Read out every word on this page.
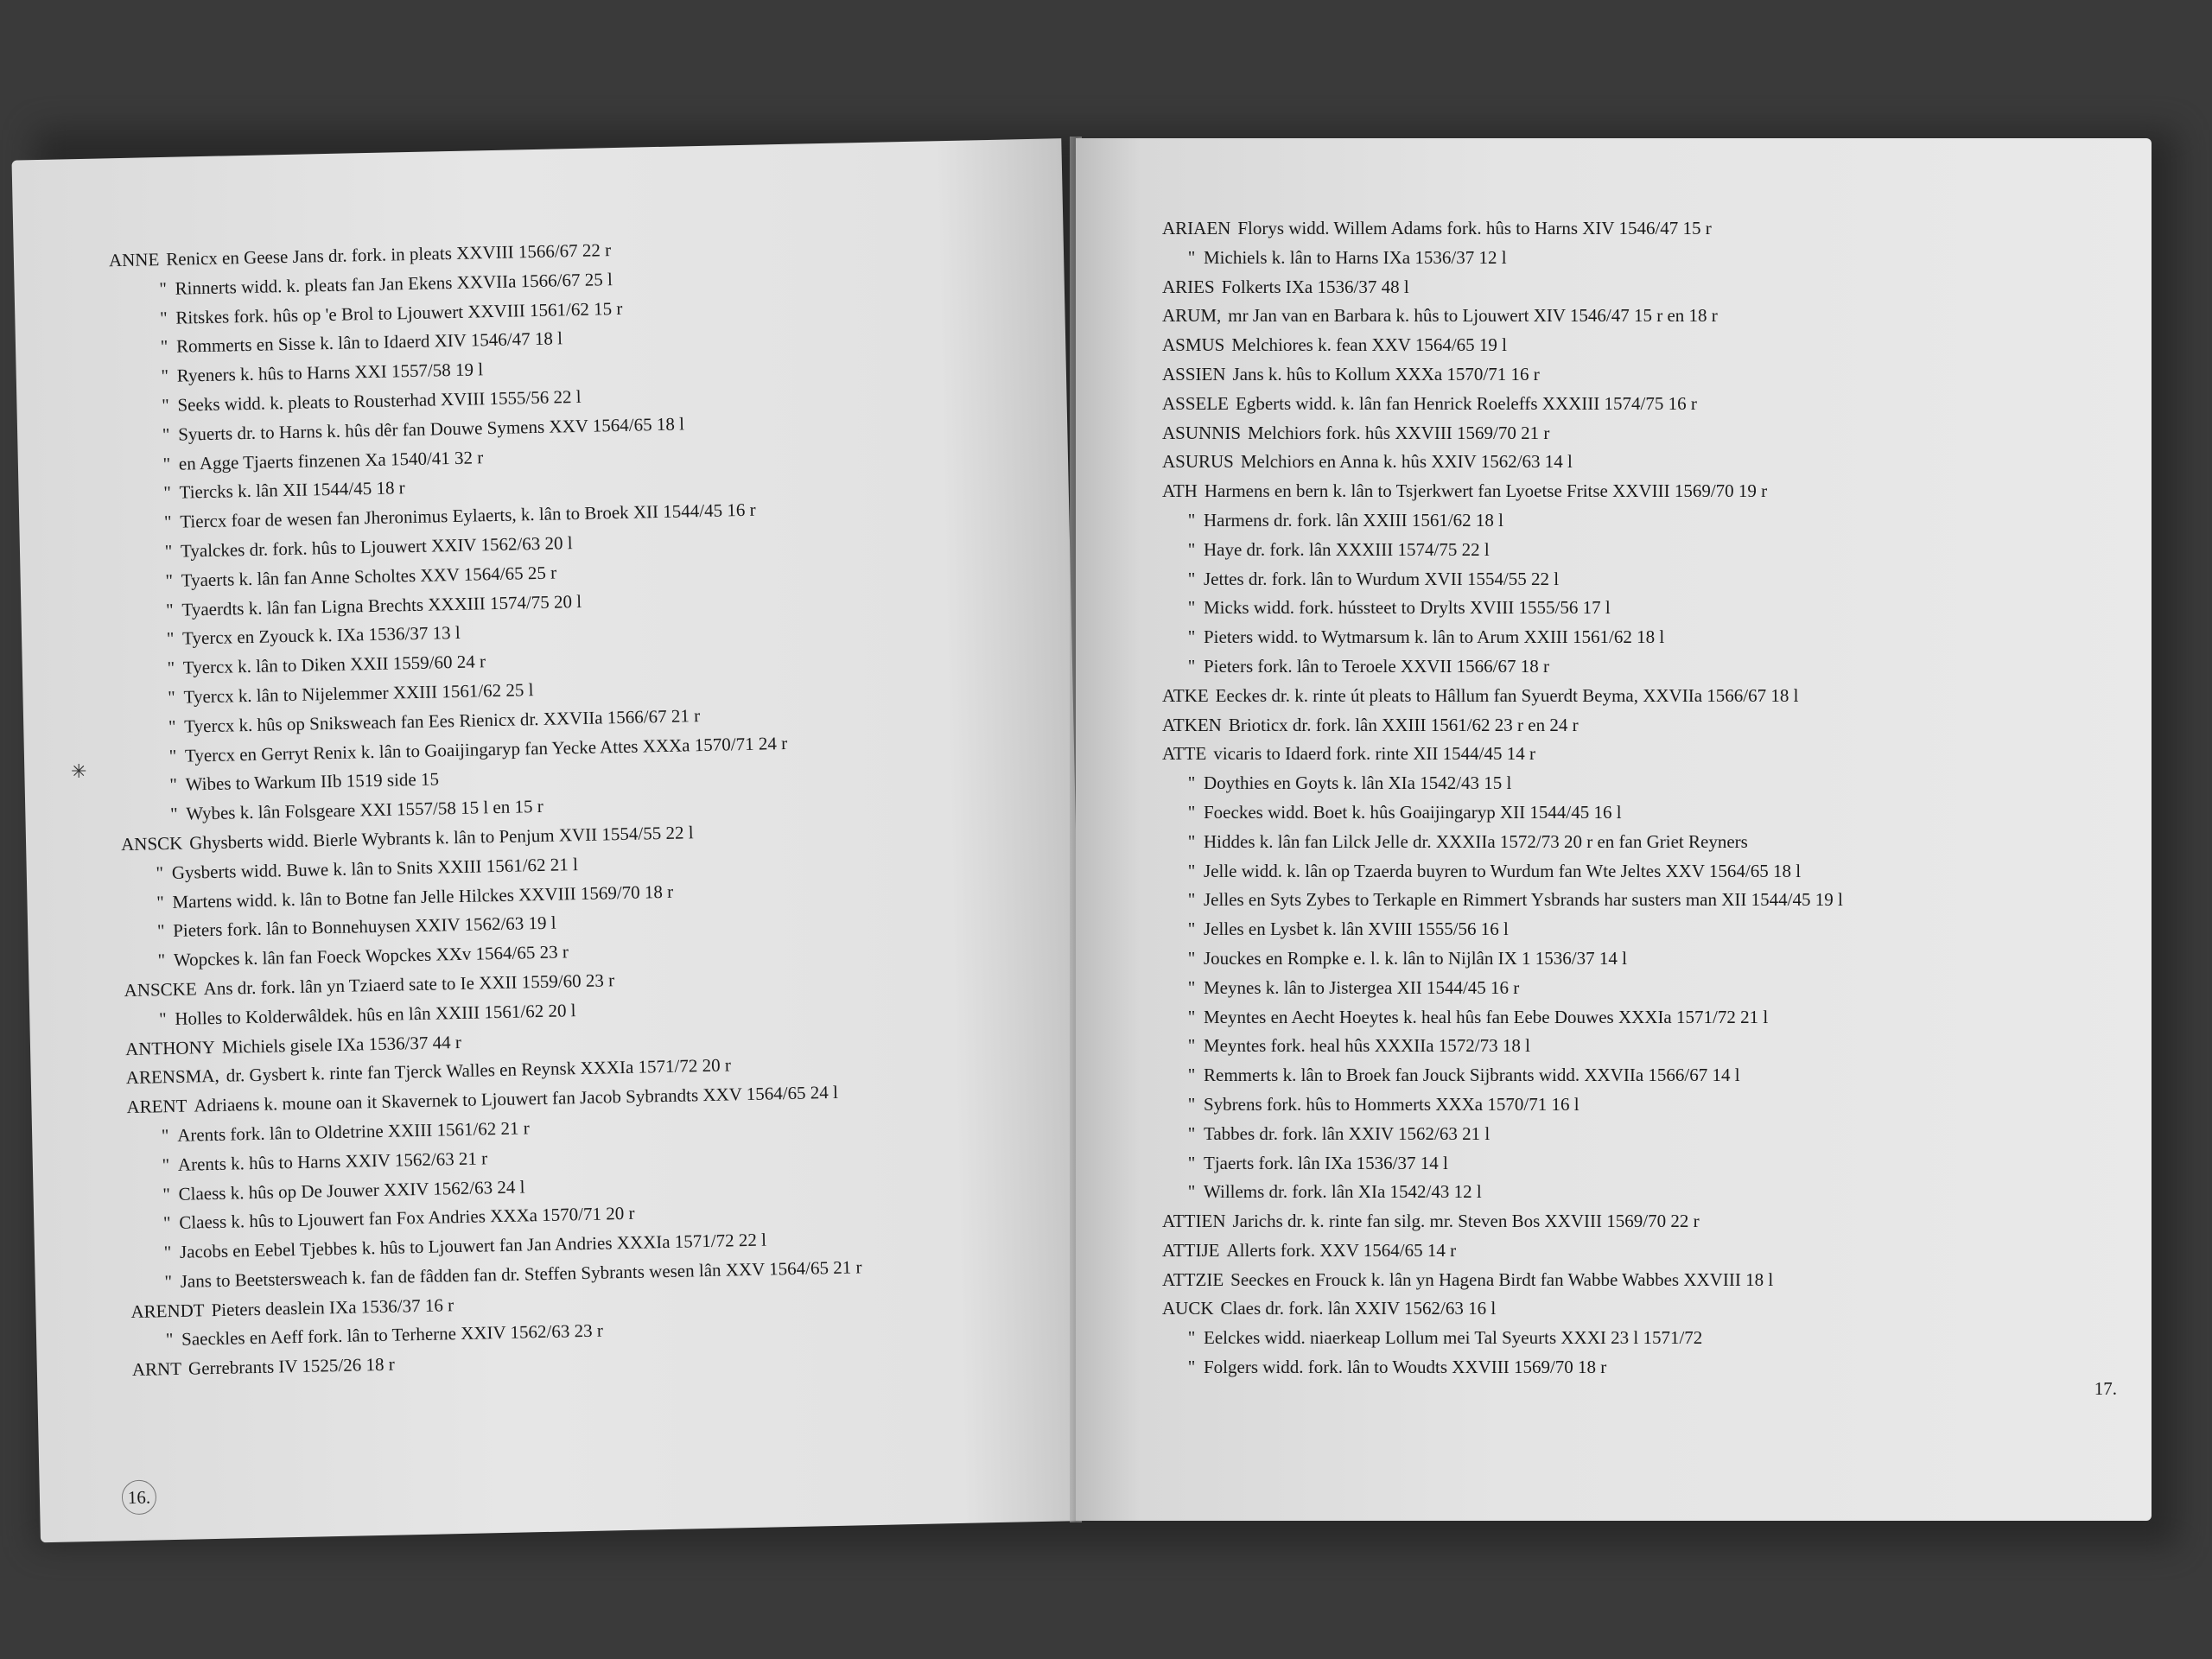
ANNE Renicx en Geese Jans dr. fork. in pleats XXVIII 1566/67 22 r
" Rinnerts widd. k. pleats fan Jan Ekens XXVIIa 1566/67 25 l
" Ritskes fork. hûs op 'e Brol to Ljouwert XXVIII 1561/62 15 r
" Rommerts en Sisse k. lân to Idaerd XIV 1546/47 18 l
" Ryeners k. hûs to Harns XXI 1557/58 19 l
" Seeks widd. k. pleats to Rousterhad XVIII 1555/56 22 l
" Syuerts dr. to Harns k. hûs dêr fan Douwe Symens XXV 1564/65 18 l
" en Agge Tjaerts finzenen Xa 1540/41 32 r
" Tiercks k. lân XII 1544/45 18 r
" Tiercx foar de wesen fan Jheronimus Eylaerts, k. lân to Broek XII 1544/45 16 r
" Tyalckes dr. fork. hûs to Ljouwert XXIV 1562/63 20 l
" Tyaerts k. lân fan Anne Scholtes XXV 1564/65 25 r
" Tyaerdts k. lân fan Ligna Brechts XXXIII 1574/75 20 l
" Tyercx en Zyouck k. IXa 1536/37 13 l
" Tyercx k. lân to Diken XXII 1559/60 24 r
" Tyercx k. lân to Nijelemmer XXIII 1561/62 25 l
" Tyercx k. hûs op Sniksweach fan Ees Rienicx dr. XXVIIa 1566/67 21 r
" Tyercx en Gerryt Renix k. lân to Goaijingaryp fan Yecke Attes XXXa 1570/71 24 r
" Wibes to Warkum IIb 1519 side 15
" Wybes k. lân Folsgeare XXI 1557/58 15 l en 15 r
ANSCK Ghysberts widd. Bierle Wybrants k. lân to Penjum XVII 1554/55 22 l
" Gysberts widd. Buwe k. lân to Snits XXIII 1561/62 21 l
" Martens widd. k. lân to Botne fan Jelle Hilckes XXVIII 1569/70 18 r
" Pieters fork. lân to Bonnehuysen XXIV 1562/63 19 l
" Wopckes k. lân fan Foeck Wopckes XXv 1564/65 23 r
ANSCKE Ans dr. fork. lân yn Tziaerd sate to Ie XXII 1559/60 23 r
" Holles to Kolderwâldek. hûs en lân XXIII 1561/62 20 l
ANTHONY Michiels gisele IXa 1536/37 44 r
ARENSMA, dr. Gysbert k. rinte fan Tjerck Walles en Reynsk XXXIa 1571/72 20 r
ARENT Adriaens k. moune oan it Skavernek to Ljouwert fan Jacob Sybrandts XXV 1564/65 24 l
" Arents fork. lân to Oldetrine XXIII 1561/62 21 r
" Arents k. hûs to Harns XXIV 1562/63 21 r
" Claess k. hûs op De Jouwer XXIV 1562/63 24 l
" Claess k. hûs to Ljouwert fan Fox Andries XXXa 1570/71 20 r
" Jacobs en Eebel Tjebbes k. hûs to Ljouwert fan Jan Andries XXXIa 1571/72 22 l
" Jans to Beetstersweach k. fan de fâdden fan dr. Steffen Sybrants wesen lân XXV 1564/65 21 r
ARENDT Pieters deaslein IXa 1536/37 16 r
" Saeckles en Aeff fork. lân to Terherne XXIV 1562/63 23 r
ARNT Gerrebrants IV 1525/26 18 r
16.
ARIAEN Florys widd. Willem Adams fork. hûs to Harns XIV 1546/47 15 r
" Michiels k. lân to Harns IXa 1536/37 12 l
ARIES Folkerts IXa 1536/37 48 l
ARUM, mr Jan van en Barbara k. hûs to Ljouwert XIV 1546/47 15 r en 18 r
ASMUS Melchiores k. fean XXV 1564/65 19 l
ASSIEN Jans k. hûs to Kollum XXXa 1570/71 16 r
ASSELE Egberts widd. k. lân fan Henrick Roeleffs XXXIII 1574/75 16 r
ASUNNIS Melchiors fork. hûs XXVIII 1569/70 21 r
ASURUS Melchiors en Anna k. hûs XXIV 1562/63 14 l
ATH Harmens en bern k. lân to Tsjerkwert fan Lyoetse Fritse XXVIII 1569/70 19 r
" Harmens dr. fork. lân XXIII 1561/62 18 l
" Haye dr. fork. lân XXXIII 1574/75 22 l
" Jettes dr. fork. lân to Wurdum XVII 1554/55 22 l
" Micks widd. fork. hússteet to Drylts XVIII 1555/56 17 l
" Pieters widd. to Wytmarsum k. lân to Arum XXIII 1561/62 18 l
" Pieters fork. lân to Teroele XXVII 1566/67 18 r
ATKE Eeckes dr. k. rinte út pleats to Hâllum fan Syuerdt Beyma, XXVIIa 1566/67 18 l
ATKEN Brioticx dr. fork. lân XXIII 1561/62 23 r en 24 r
ATTE vicaris to Idaerd fork. rinte XII 1544/45 14 r
" Doythies en Goyts k. lân XIa 1542/43 15 l
" Foeckes widd. Boet k. hûs Goaijingaryp XII 1544/45 16 l
" Hiddes k. lân fan Lilck Jelle dr. XXXIIa 1572/73 20 r en fan Griet Reyners
" Jelle widd. k. lân op Tzaerda buyren to Wurdum fan Wte Jeltes XXV 1564/65 18 l
" Jelles en Syts Zybes to Terkaple en Rimmert Ysbrands har susters man XII 1544/45 19 l
" Jelles en Lysbet k. lân XVIII 1555/56 16 l
" Jouckes en Rompke e. l. k. lân to Nijlân IX 1 1536/37 14 l
" Meynes k. lân to Jistergea XII 1544/45 16 r
" Meyntes en Aecht Hoeytes k. heal hûs fan Eebe Douwes XXXIa 1571/72 21 l
" Meyntes fork. heal hûs XXXIIa 1572/73 18 l
" Remmerts k. lân to Broek fan Jouck Sijbrants widd. XXVIIa 1566/67 14 l
" Sybrens fork. hûs to Hommerts XXXa 1570/71 16 l
" Tabbes dr. fork. lân XXIV 1562/63 21 l
" Tjaerts fork. lân IXa 1536/37 14 l
" Willems dr. fork. lân XIa 1542/43 12 l
ATTIEN Jarichs dr. k. rinte fan silg. mr. Steven Bos XXVIII 1569/70 22 r
ATTIJE Allerts fork. XXV 1564/65 14 r
ATTZIE Seeckes en Frouck k. lân yn Hagena Birdt fan Wabbe Wabbes XXVIII 18 l
AUCK Claes dr. fork. lân XXIV 1562/63 16 l
" Eelckes widd. niaerkeap Lollum mei Tal Syeurts XXXI 23 l 1571/72
" Folgers widd. fork. lân to Woudts XXVIII 1569/70 18 r
17.
✳
